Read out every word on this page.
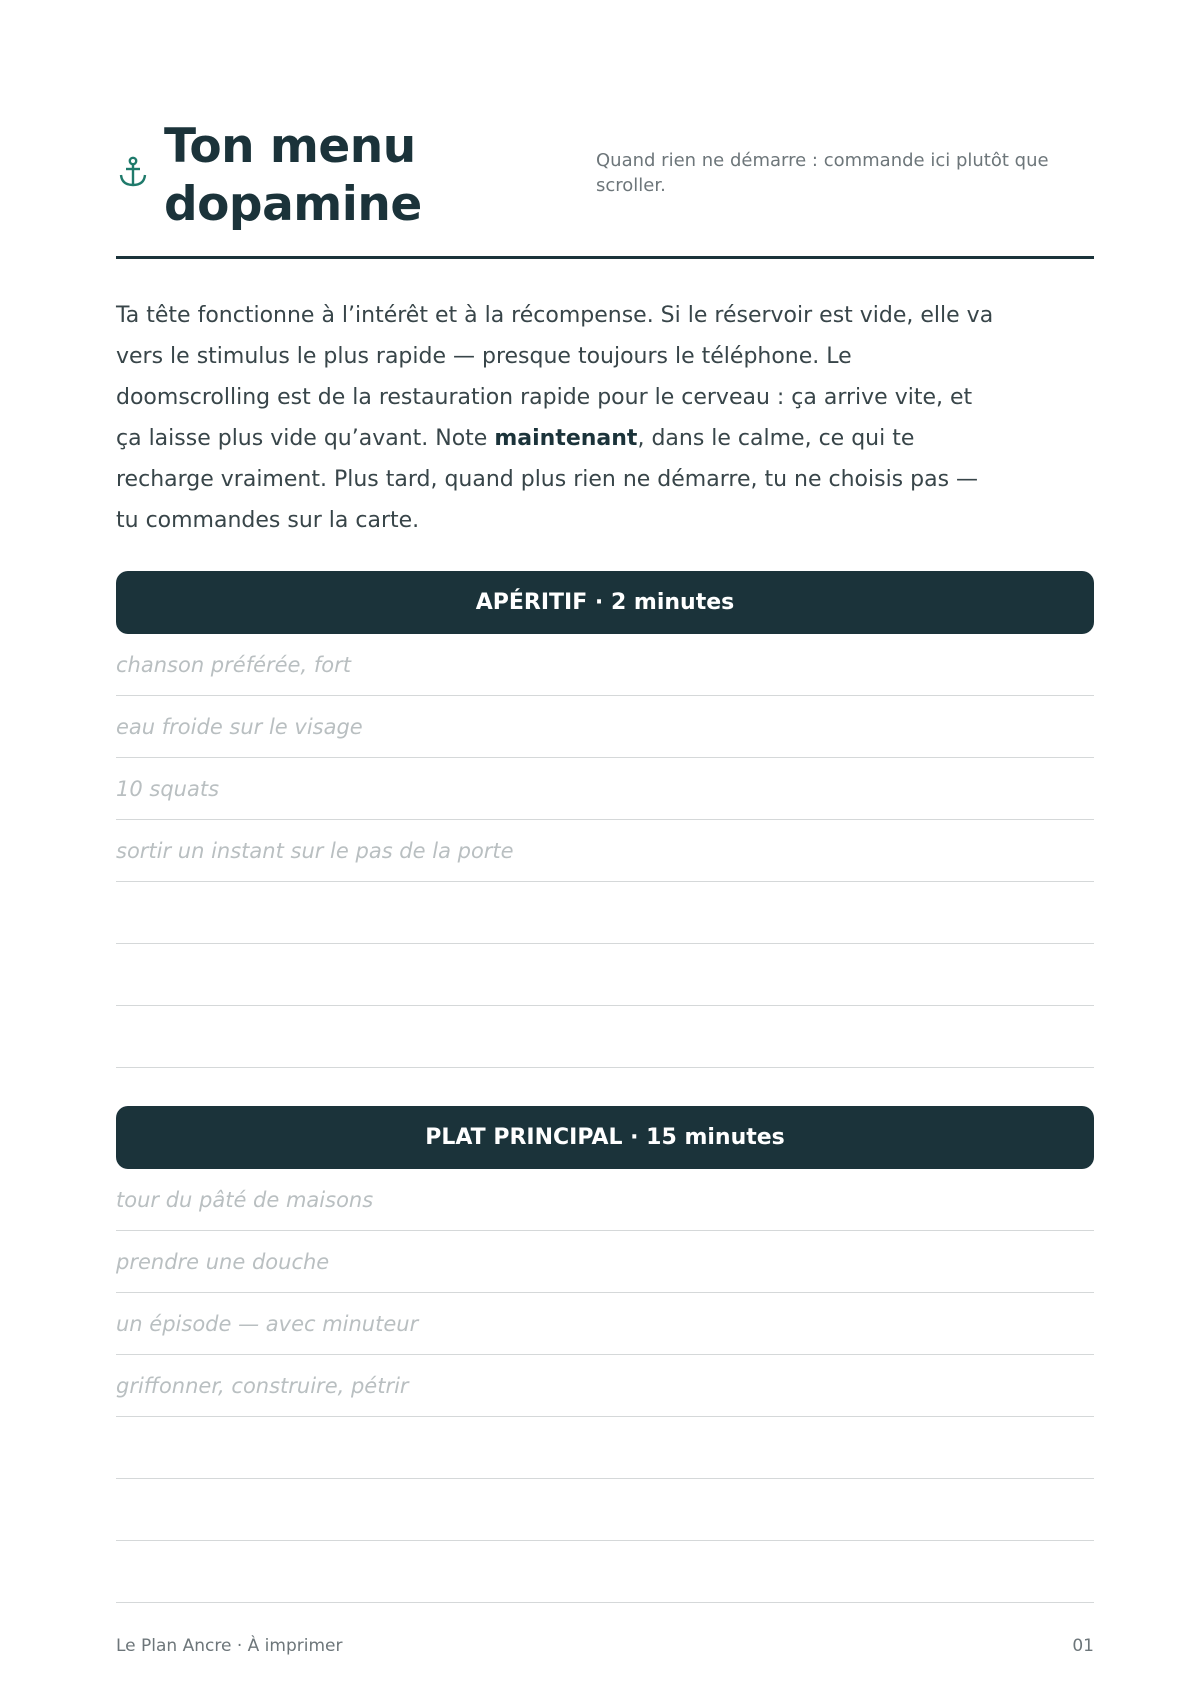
Ton menu
dopamine

Quand rien ne démarre : commande ici plutôt que scroller.

Ta tête fonctionne à l’intérêt et à la récompense. Si le réservoir est vide, elle va vers le stimulus le plus rapide — presque toujours le téléphone. Le doomscrolling est de la restauration rapide pour le cerveau : ça arrive vite, et ça laisse plus vide qu’avant. Note maintenant, dans le calme, ce qui te recharge vraiment. Plus tard, quand plus rien ne démarre, tu ne choisis pas — tu commandes sur la carte.

APÉRITIF · 2 minutes
chanson préférée, fort
eau froide sur le visage
10 squats
sortir un instant sur le pas de la porte
PLAT PRINCIPAL · 15 minutes
tour du pâté de maisons
prendre une douche
un épisode — avec minuteur
griffonner, construire, pétrir
Le Plan Ancre · À imprimer	01
